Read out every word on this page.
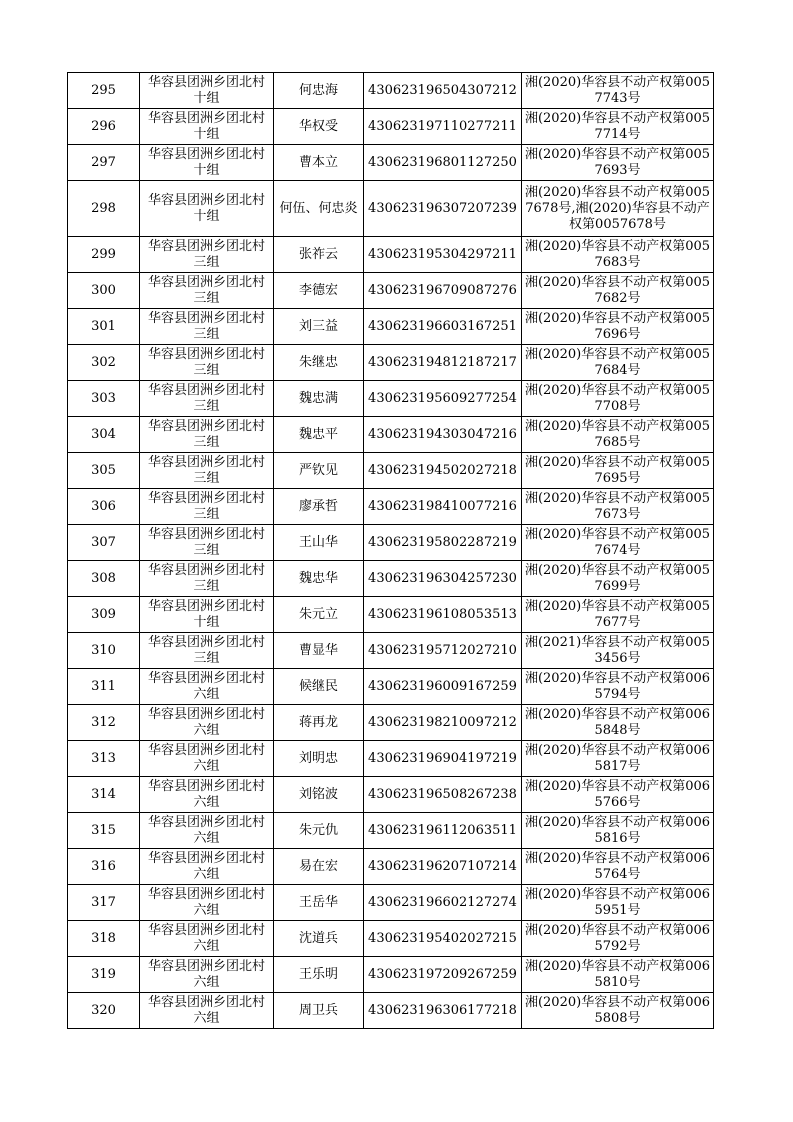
295	华容县团洲乡团北村十组	何忠海	430623196504307212	湘(2020)华容县不动产权第0057743号
296	华容县团洲乡团北村十组	华权受	430623197110277211	湘(2020)华容县不动产权第0057714号
297	华容县团洲乡团北村十组	曹本立	430623196801127250	湘(2020)华容县不动产权第0057693号
298	华容县团洲乡团北村十组	何伍、何忠炎	430623196307207239	湘(2020)华容县不动产权第0057678号,湘(2020)华容县不动产权第0057678号
299	华容县团洲乡团北村三组	张祚云	430623195304297211	湘(2020)华容县不动产权第0057683号
300	华容县团洲乡团北村三组	李德宏	430623196709087276	湘(2020)华容县不动产权第0057682号
301	华容县团洲乡团北村三组	刘三益	430623196603167251	湘(2020)华容县不动产权第0057696号
302	华容县团洲乡团北村三组	朱继忠	430623194812187217	湘(2020)华容县不动产权第0057684号
303	华容县团洲乡团北村三组	魏忠满	430623195609277254	湘(2020)华容县不动产权第0057708号
304	华容县团洲乡团北村三组	魏忠平	430623194303047216	湘(2020)华容县不动产权第0057685号
305	华容县团洲乡团北村三组	严钦见	430623194502027218	湘(2020)华容县不动产权第0057695号
306	华容县团洲乡团北村三组	廖承哲	430623198410077216	湘(2020)华容县不动产权第0057673号
307	华容县团洲乡团北村三组	王山华	430623195802287219	湘(2020)华容县不动产权第0057674号
308	华容县团洲乡团北村三组	魏忠华	430623196304257230	湘(2020)华容县不动产权第0057699号
309	华容县团洲乡团北村十组	朱元立	430623196108053513	湘(2020)华容县不动产权第0057677号
310	华容县团洲乡团北村三组	曹显华	430623195712027210	湘(2021)华容县不动产权第0053456号
311	华容县团洲乡团北村六组	候继民	430623196009167259	湘(2020)华容县不动产权第0065794号
312	华容县团洲乡团北村六组	蒋再龙	430623198210097212	湘(2020)华容县不动产权第0065848号
313	华容县团洲乡团北村六组	刘明忠	430623196904197219	湘(2020)华容县不动产权第0065817号
314	华容县团洲乡团北村六组	刘铭波	430623196508267238	湘(2020)华容县不动产权第0065766号
315	华容县团洲乡团北村六组	朱元仇	430623196112063511	湘(2020)华容县不动产权第0065816号
316	华容县团洲乡团北村六组	易在宏	430623196207107214	湘(2020)华容县不动产权第0065764号
317	华容县团洲乡团北村六组	王岳华	430623196602127274	湘(2020)华容县不动产权第0065951号
318	华容县团洲乡团北村六组	沈道兵	430623195402027215	湘(2020)华容县不动产权第0065792号
319	华容县团洲乡团北村六组	王乐明	430623197209267259	湘(2020)华容县不动产权第0065810号
320	华容县团洲乡团北村六组	周卫兵	430623196306177218	湘(2020)华容县不动产权第0065808号
